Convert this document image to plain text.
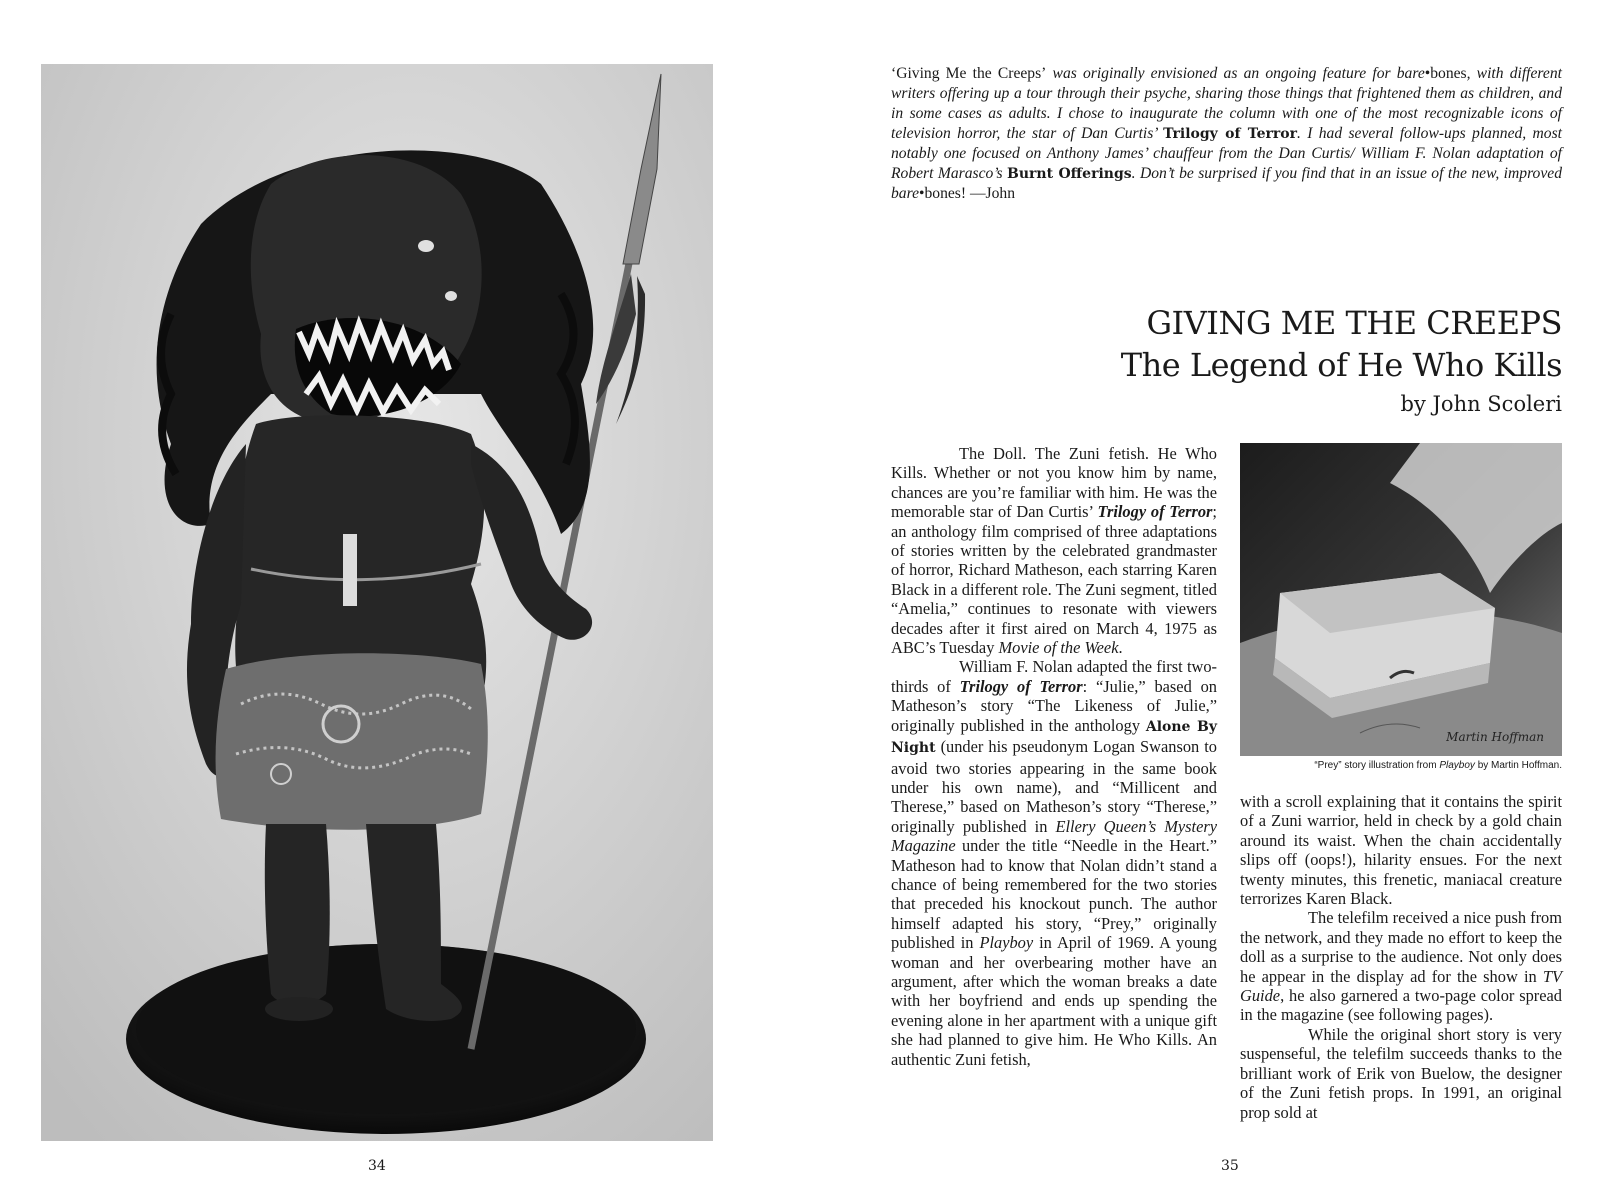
34
‘Giving Me the Creeps’ was originally envisioned as an ongoing feature for bare•bones, with different writers offering up a tour through their psyche, sharing those things that frightened them as children, and in some cases as adults. I chose to inaugurate the column with one of the most recognizable icons of television horror, the star of Dan Curtis’ Trilogy of Terror. I had several follow-ups planned, most notably one focused on Anthony James’ chauffeur from the Dan Curtis/ William F. Nolan adaptation of Robert Marasco’s Burnt Offerings. Don’t be surprised if you find that in an issue of the new, improved bare•bones! —John
GIVING ME THE CREEPS
The Legend of He Who Kills
by John Scoleri

The Doll. The Zuni fetish. He Who Kills. Whether or not you know him by name, chances are you’re familiar with him. He was the memorable star of Dan Curtis’ Trilogy of Terror; an anthology film comprised of three adaptations of stories written by the celebrated grandmaster of horror, Richard Matheson, each starring Karen Black in a different role. The Zuni segment, titled “Amelia,” continues to resonate with viewers decades after it first aired on March 4, 1975 as ABC’s Tuesday Movie of the Week.

William F. Nolan adapted the first two-thirds of Trilogy of Terror: “Julie,” based on Matheson’s story “The Likeness of Julie,” originally published in the anthology Alone By Night (under his pseudonym Logan Swanson to avoid two stories appearing in the same book under his own name), and “Millicent and Therese,” based on Matheson’s story “Therese,” originally published in Ellery Queen’s Mystery Magazine under the title “Needle in the Heart.” Matheson had to know that Nolan didn’t stand a chance of being remembered for the two stories that preceded his knockout punch. The author himself adapted his story, “Prey,” originally published in Playboy in April of 1969. A young woman and her overbearing mother have an argument, after which the woman breaks a date with her boyfriend and ends up spending the evening alone in her apartment with a unique gift she had planned to give him. He Who Kills. An authentic Zuni fetish,

Martin Hoffman
“Prey” story illustration from Playboy by Martin Hoffman.

with a scroll explaining that it contains the spirit of a Zuni warrior, held in check by a gold chain around its waist. When the chain accidentally slips off (oops!), hilarity ensues. For the next twenty minutes, this frenetic, maniacal creature terrorizes Karen Black.

The telefilm received a nice push from the network, and they made no effort to keep the doll as a surprise to the audience. Not only does he appear in the display ad for the show in TV Guide, he also garnered a two-page color spread in the magazine (see following pages).

While the original short story is very suspenseful, the telefilm succeeds thanks to the brilliant work of Erik von Buelow, the designer of the Zuni fetish props. In 1991, an original prop sold at

35
